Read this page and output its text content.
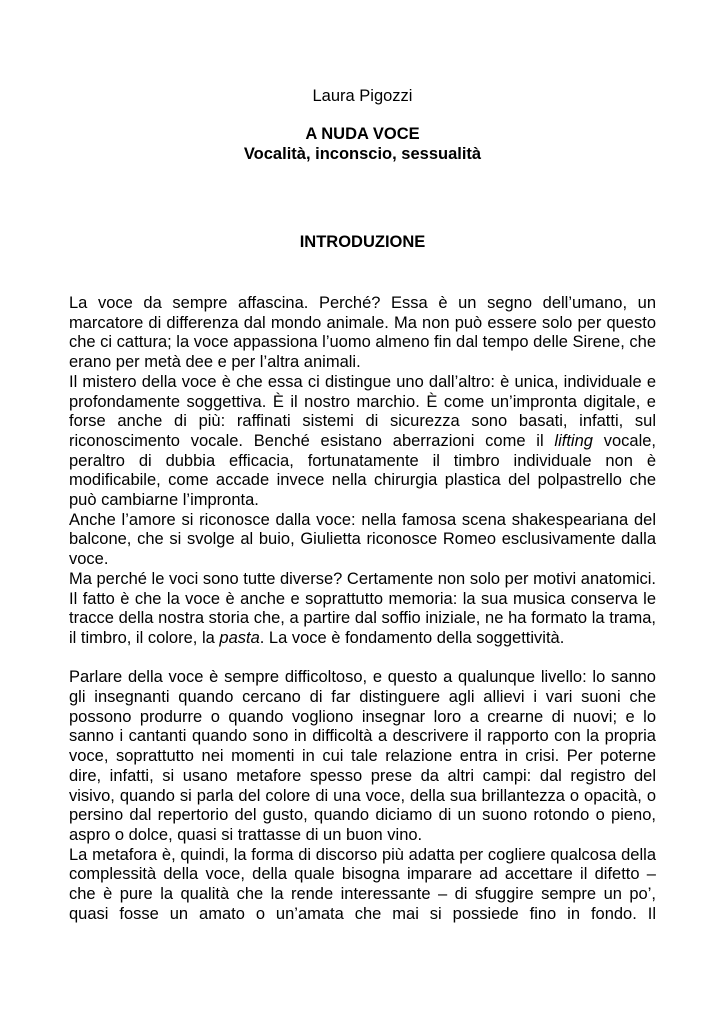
Laura Pigozzi
A NUDA VOCE
Vocalità, inconscio, sessualità
INTRODUZIONE

La voce da sempre affascina. Perché? Essa è un segno dell’umano, un marcatore di differenza dal mondo animale. Ma non può essere solo per questo che ci cattura; la voce appassiona l’uomo almeno fin dal tempo delle Sirene, che erano per metà dee e per l’altra animali.

Il mistero della voce è che essa ci distingue uno dall’altro: è unica, individuale e profondamente soggettiva. È il nostro marchio. È come un’impronta digitale, e forse anche di più: raffinati sistemi di sicurezza sono basati, infatti, sul riconoscimento vocale. Benché esistano aberrazioni come il lifting vocale, peraltro di dubbia efficacia, fortunatamente il timbro individuale non è modificabile, come accade invece nella chirurgia plastica del polpastrello che può cambiarne l’impronta.

Anche l’amore si riconosce dalla voce: nella famosa scena shakespeariana del balcone, che si svolge al buio, Giulietta riconosce Romeo esclusivamente dalla voce.

Ma perché le voci sono tutte diverse? Certamente non solo per motivi anatomici. Il fatto è che la voce è anche e soprattutto memoria: la sua musica conserva le tracce della nostra storia che, a partire dal soffio iniziale, ne ha formato la trama, il timbro, il colore, la pasta. La voce è fondamento della soggettività.

Parlare della voce è sempre difficoltoso, e questo a qualunque livello: lo sanno gli insegnanti quando cercano di far distinguere agli allievi i vari suoni che possono produrre o quando vogliono insegnar loro a crearne di nuovi; e lo sanno i cantanti quando sono in difficoltà a descrivere il rapporto con la propria voce, soprattutto nei momenti in cui tale relazione entra in crisi. Per poterne dire, infatti, si usano metafore spesso prese da altri campi: dal registro del visivo, quando si parla del colore di una voce, della sua brillantezza o opacità, o persino dal repertorio del gusto, quando diciamo di un suono rotondo o pieno, aspro o dolce, quasi si trattasse di un buon vino.

La metafora è, quindi, la forma di discorso più adatta per cogliere qualcosa della complessità della voce, della quale bisogna imparare ad accettare il difetto – che è pure la qualità che la rende interessante – di sfuggire sempre un po’, quasi fosse un amato o un’amata che mai si possiede fino in fondo. Il
